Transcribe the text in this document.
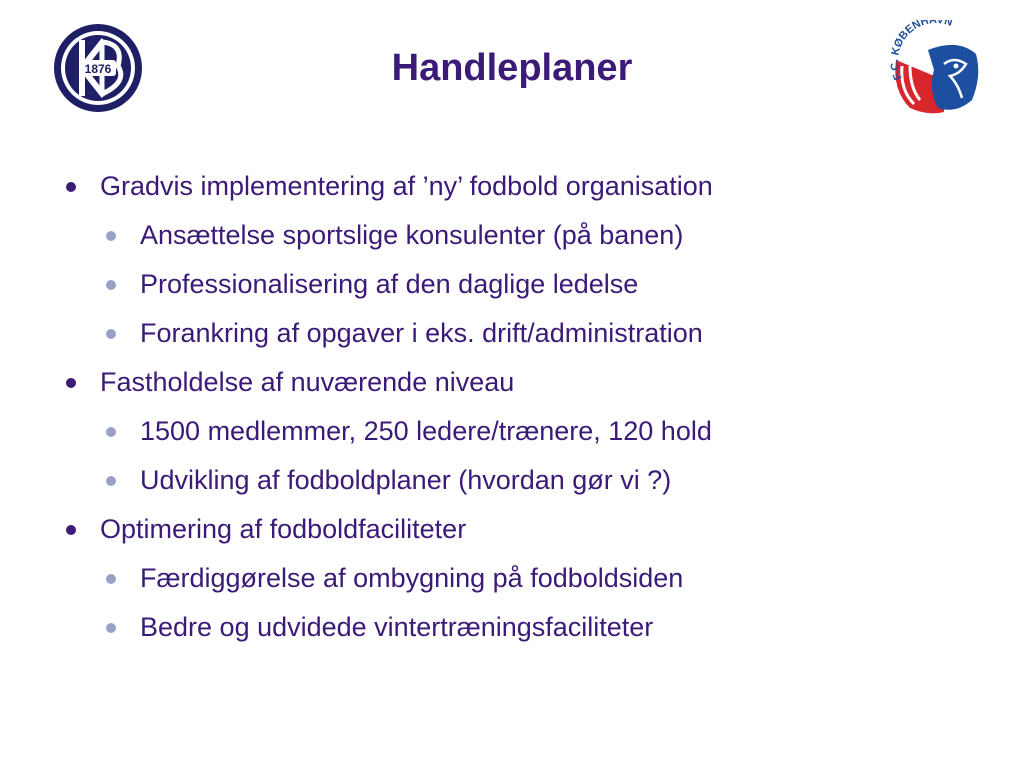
1876	Handleplaner	F.C. KØBENHAVN
Gradvis implementering af ’ny’ fodbold organisation
Ansættelse sportslige konsulenter (på banen)
Professionalisering af den daglige ledelse
Forankring af opgaver i eks. drift/administration
Fastholdelse af nuværende niveau
1500 medlemmer, 250 ledere/trænere, 120 hold
Udvikling af fodboldplaner (hvordan gør vi ?)
Optimering af fodboldfaciliteter
Færdiggørelse af ombygning på fodboldsiden
Bedre og udvidede vintertræningsfaciliteter
